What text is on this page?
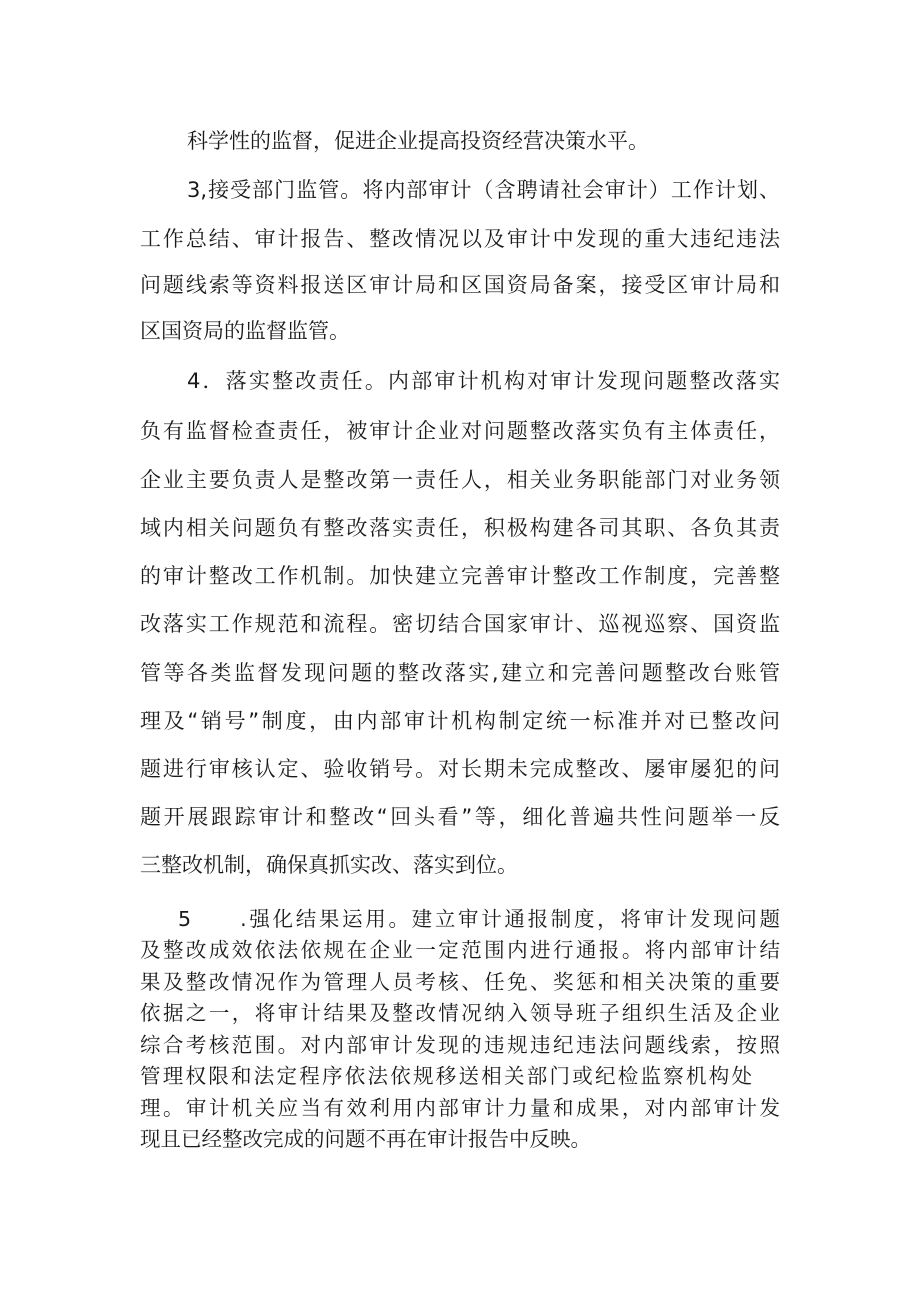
科学性的监督，促进企业提高投资经营决策水平。
3,接受部门监管。将内部审计（含聘请社会审计）工作计划、
工作总结、审计报告、整改情况以及审计中发现的重大违纪违法
问题线索等资料报送区审计局和区国资局备案，接受区审计局和
区国资局的监督监管。
4．落实整改责任。内部审计机构对审计发现问题整改落实
负有监督检查责任，被审计企业对问题整改落实负有主体责任，
企业主要负责人是整改第一责任人，相关业务职能部门对业务领
域内相关问题负有整改落实责任，积极构建各司其职、各负其责
的审计整改工作机制。加快建立完善审计整改工作制度，完善整
改落实工作规范和流程。密切结合国家审计、巡视巡察、国资监
管等各类监督发现问题的整改落实,建立和完善问题整改台账管
理及“销号”制度，由内部审计机构制定统一标准并对已整改问
题进行审核认定、验收销号。对长期未完成整改、屡审屡犯的问
题开展跟踪审计和整改“回头看”等，细化普遍共性问题举一反
三整改机制，确保真抓实改、落实到位。
5　　.强化结果运用。建立审计通报制度，将审计发现问题
及整改成效依法依规在企业一定范围内进行通报。将内部审计结
果及整改情况作为管理人员考核、任免、奖惩和相关决策的重要
依据之一，将审计结果及整改情况纳入领导班子组织生活及企业
综合考核范围。对内部审计发现的违规违纪违法问题线索，按照
管理权限和法定程序依法依规移送相关部门或纪检监察机构处
理。审计机关应当有效利用内部审计力量和成果，对内部审计发
现且已经整改完成的问题不再在审计报告中反映。
